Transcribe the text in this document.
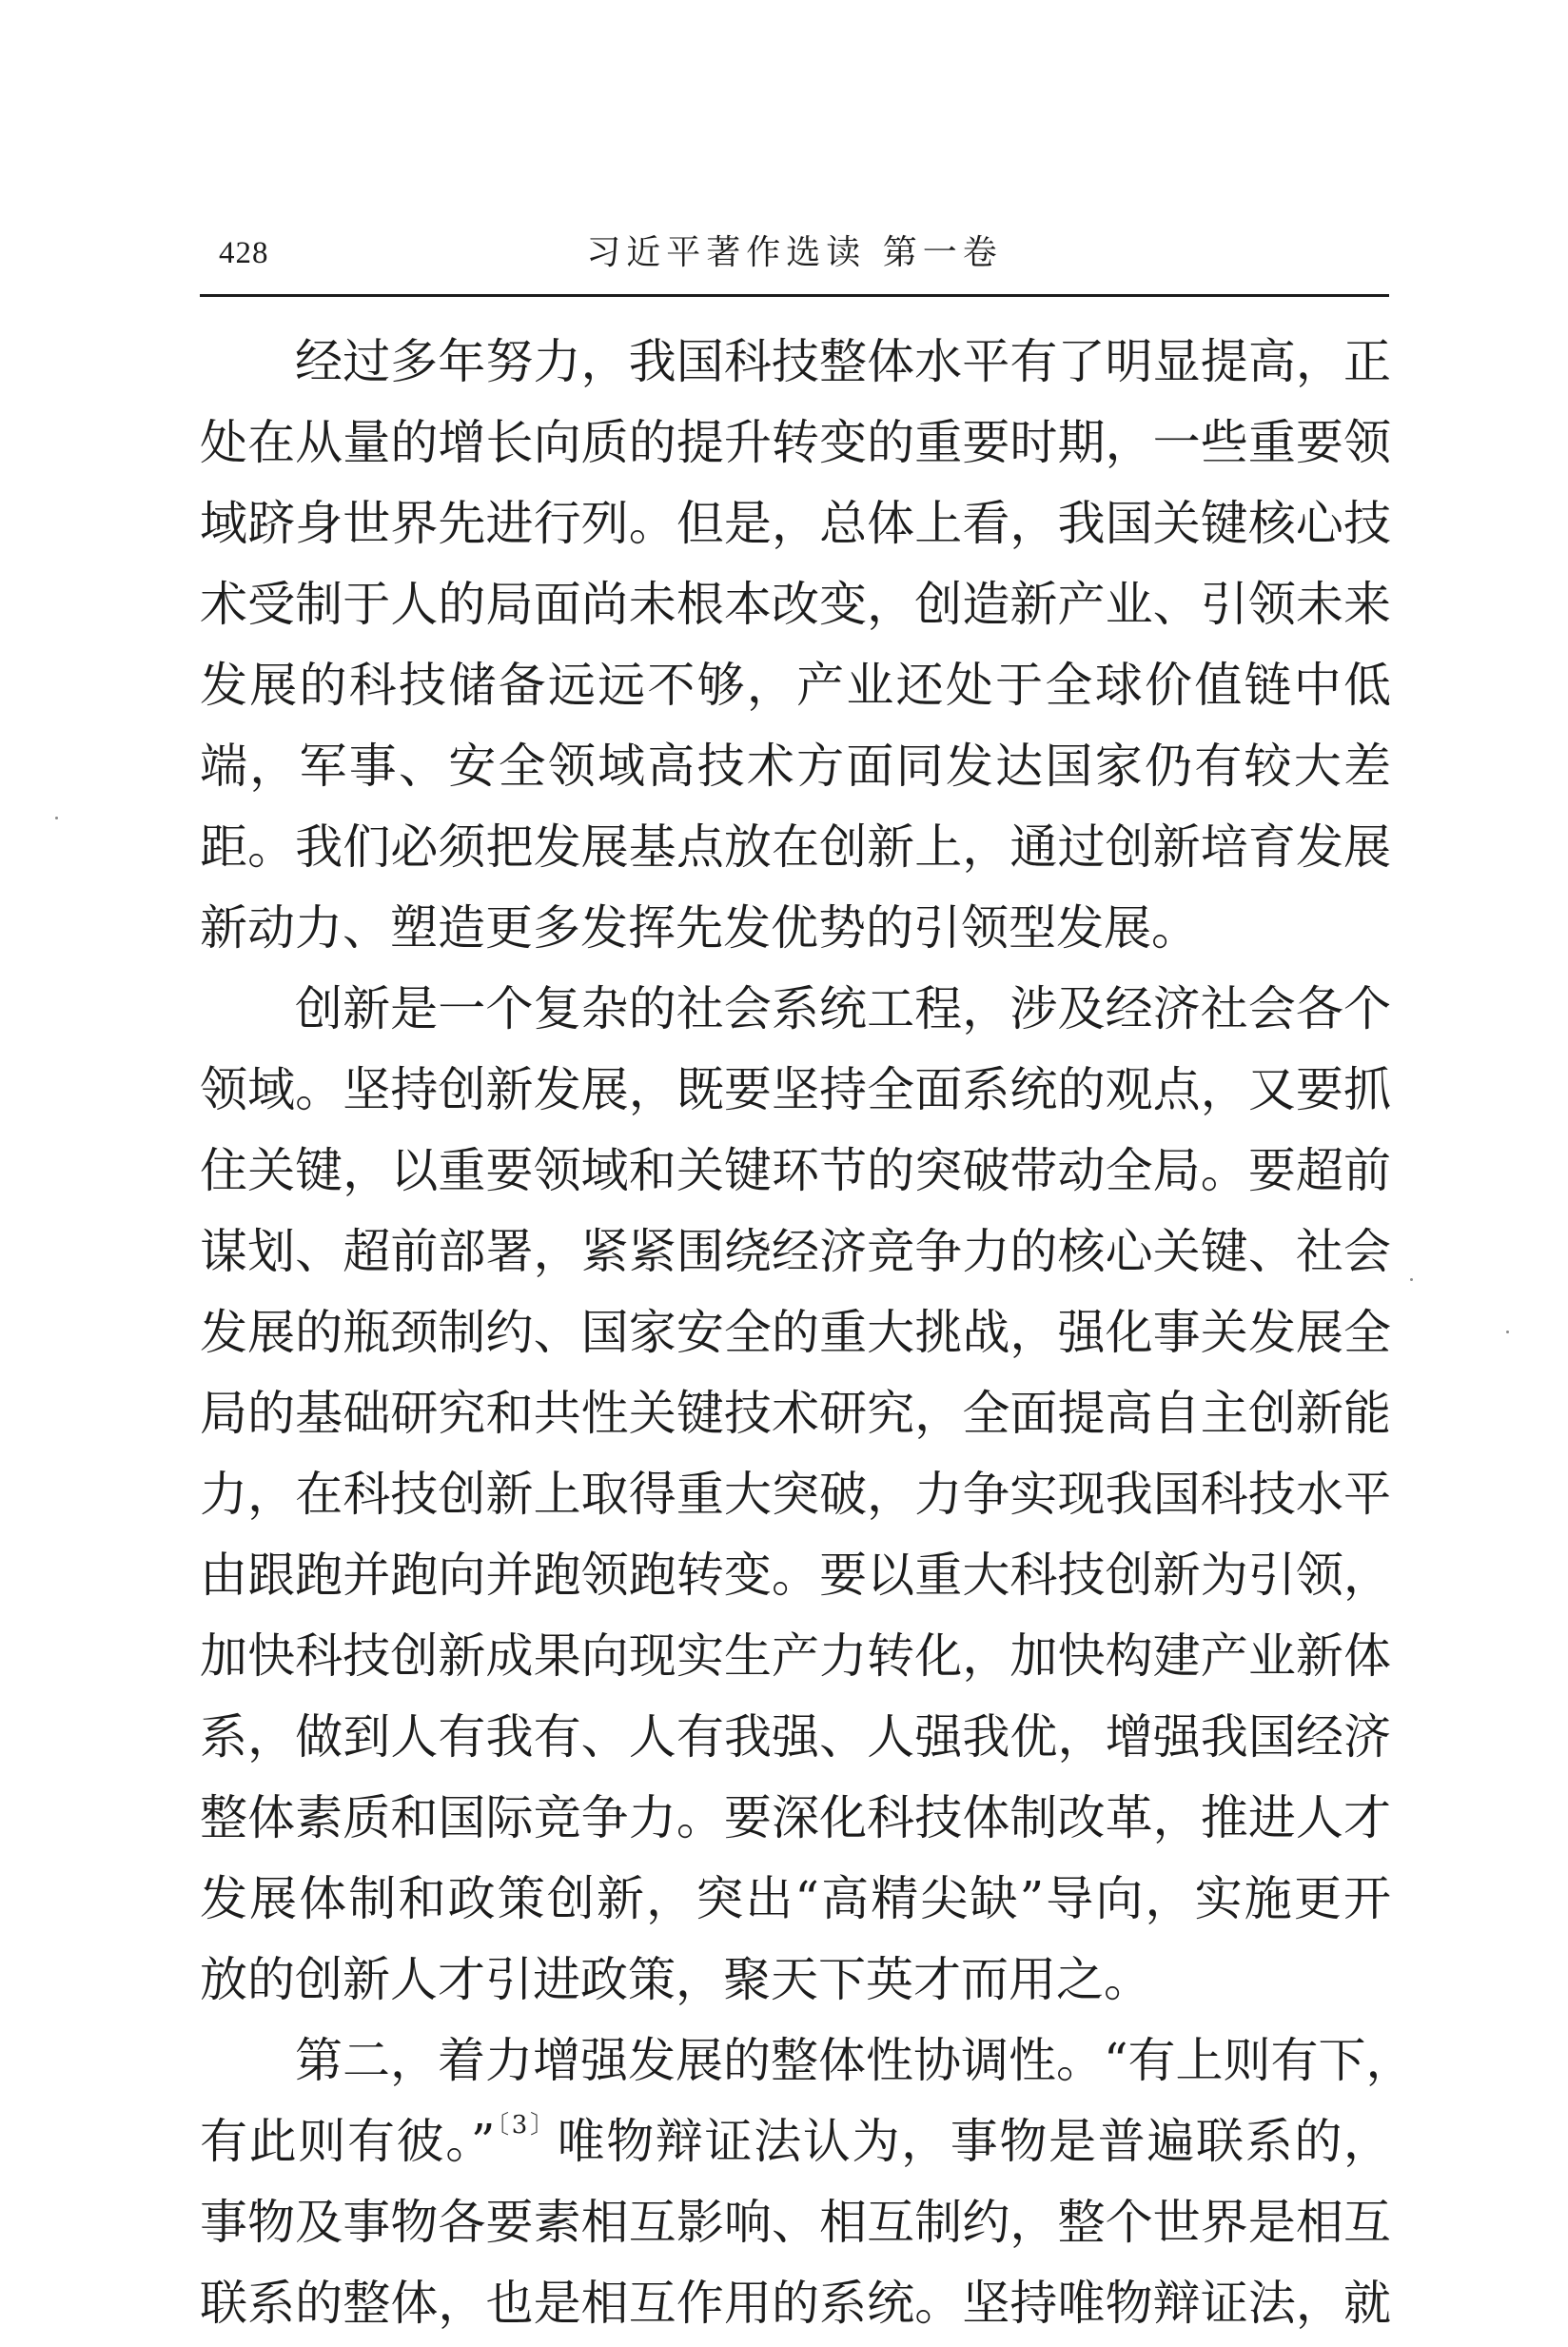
428	习近平著作选读 第一卷
经过多年努力，我国科技整体水平有了明显提高，正
处在从量的增长向质的提升转变的重要时期，一些重要领
域跻身世界先进行列。但是，总体上看，我国关键核心技
术受制于人的局面尚未根本改变，创造新产业、引领未来
发展的科技储备远远不够，产业还处于全球价值链中低
端，军事、安全领域高技术方面同发达国家仍有较大差
距。我们必须把发展基点放在创新上，通过创新培育发展
新动力、塑造更多发挥先发优势的引领型发展。
创新是一个复杂的社会系统工程，涉及经济社会各个
领域。坚持创新发展，既要坚持全面系统的观点，又要抓
住关键，以重要领域和关键环节的突破带动全局。要超前
谋划、超前部署，紧紧围绕经济竞争力的核心关键、社会
发展的瓶颈制约、国家安全的重大挑战，强化事关发展全
局的基础研究和共性关键技术研究，全面提高自主创新能
力，在科技创新上取得重大突破，力争实现我国科技水平
由跟跑并跑向并跑领跑转变。要以重大科技创新为引领，
加快科技创新成果向现实生产力转化，加快构建产业新体
系，做到人有我有、人有我强、人强我优，增强我国经济
整体素质和国际竞争力。要深化科技体制改革，推进人才
发展体制和政策创新，突出“高精尖缺”导向，实施更开
放的创新人才引进政策，聚天下英才而用之。
第二，着力增强发展的整体性协调性。“有上则有下，
有此则有彼。”$^{〔3〕}$唯物辩证法认为，事物是普遍联系的，
事物及事物各要素相互影响、相互制约，整个世界是相互
联系的整体，也是相互作用的系统。坚持唯物辩证法，就
